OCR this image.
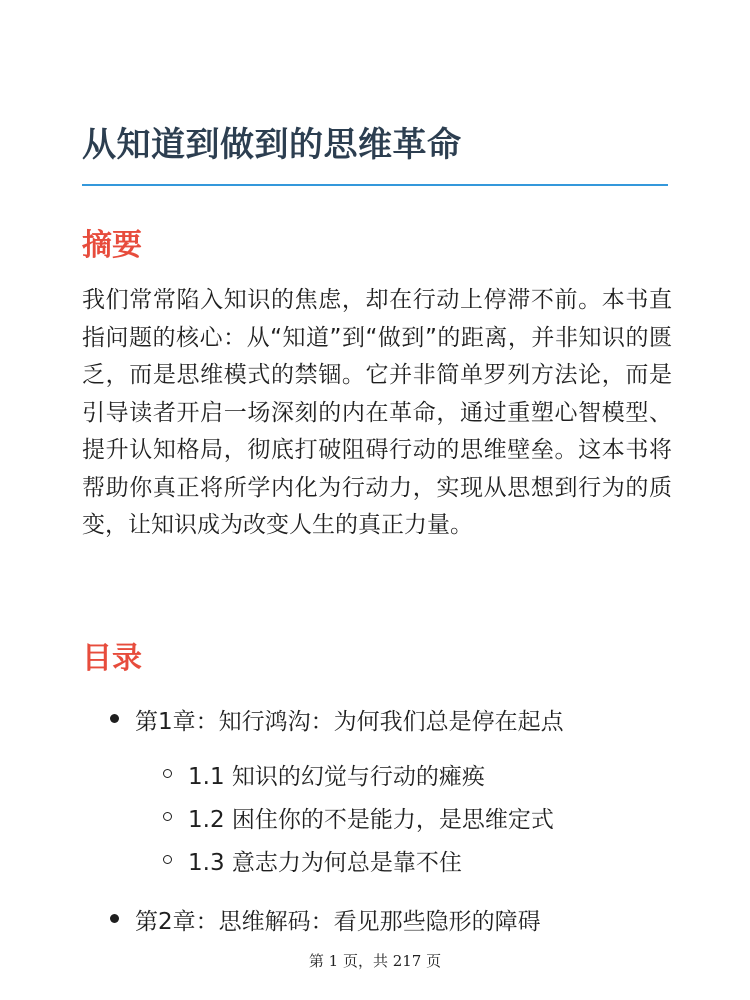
从知道到做到的思维革命
摘要

我们常常陷入知识的焦虑，却在行动上停滞不前。本书直指问题的核心：从“知道”到“做到”的距离，并非知识的匮乏，而是思维模式的禁锢。它并非简单罗列方法论，而是引导读者开启一场深刻的内在革命，通过重塑心智模型、提升认知格局，彻底打破阻碍行动的思维壁垒。这本书将帮助你真正将所学内化为行动力，实现从思想到行为的质变，让知识成为改变人生的真正力量。

目录
第1章：知行鸿沟：为何我们总是停在起点
1.1 知识的幻觉与行动的瘫痪
1.2 困住你的不是能力，是思维定式
1.3 意志力为何总是靠不住
第2章：思维解码：看见那些隐形的障碍
第 1 页，共 217 页
